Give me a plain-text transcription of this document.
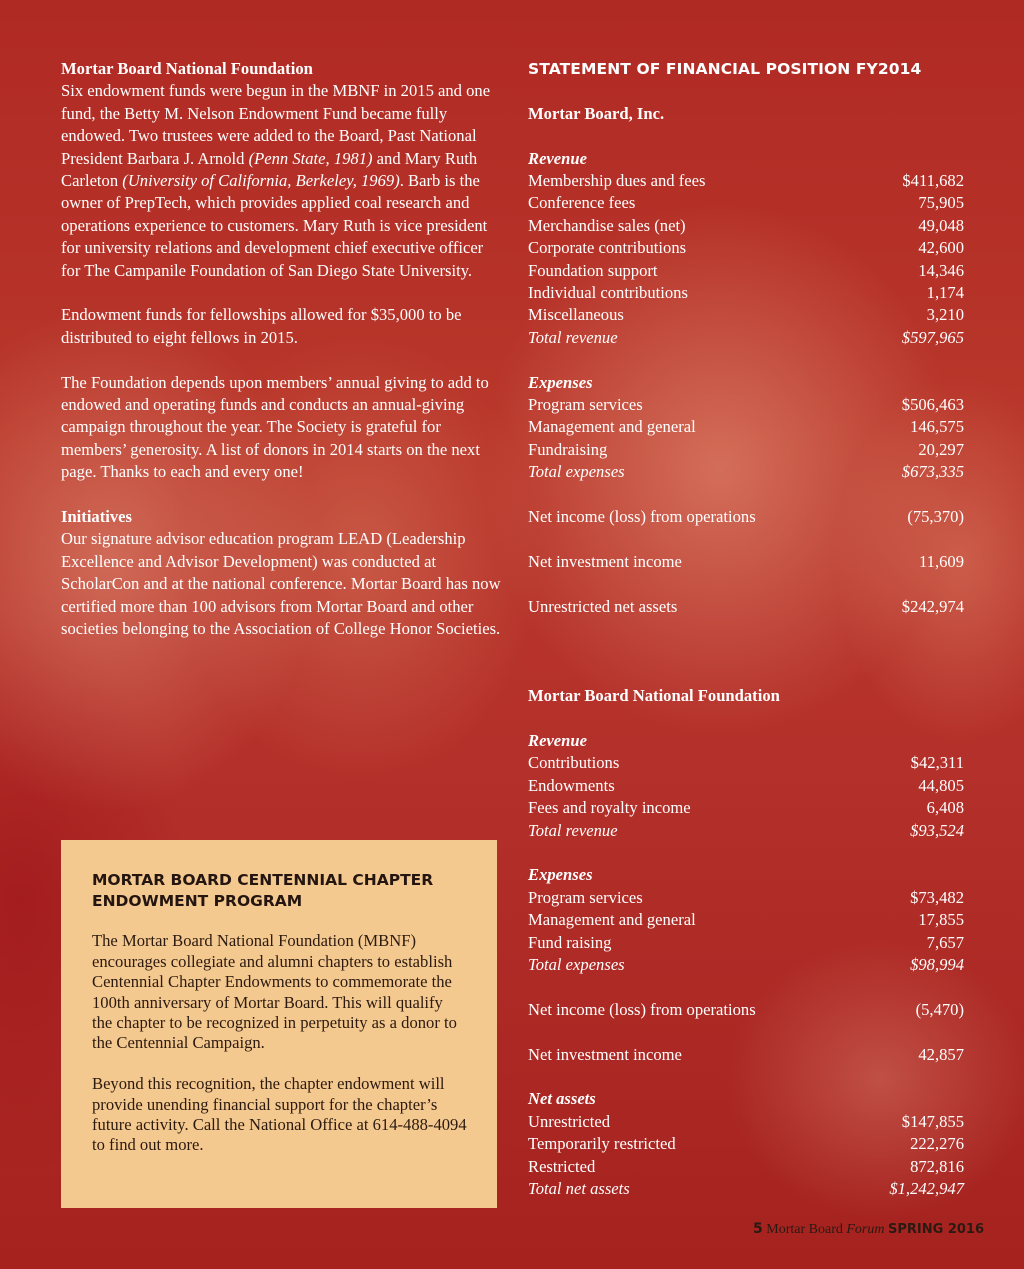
Mortar Board National Foundation

Six endowment funds were begun in the MBNF in 2015 and one fund, the Betty M. Nelson Endowment Fund became fully endowed. Two trustees were added to the Board, Past National President Barbara J. Arnold (Penn State, 1981) and Mary Ruth Carleton (University of California, Berkeley, 1969). Barb is the owner of PrepTech, which provides applied coal research and operations experience to customers. Mary Ruth is vice president for university relations and development chief executive officer for The Campanile Foundation of San Diego State University.

Endowment funds for fellowships allowed for $35,000 to be distributed to eight fellows in 2015.

The Foundation depends upon members’ annual giving to add to endowed and operating funds and conducts an annual-giving campaign throughout the year. The Society is grateful for members’ generosity. A list of donors in 2014 starts on the next page. Thanks to each and every one!

Initiatives

Our signature advisor education program LEAD (Leadership Excellence and Advisor Development) was conducted at ScholarCon and at the national conference. Mortar Board has now certified more than 100 advisors from Mortar Board and other societies belonging to the Association of College Honor Societies.

MORTAR BOARD CENTENNIAL CHAPTER

ENDOWMENT PROGRAM

The Mortar Board National Foundation (MBNF) encourages collegiate and alumni chapters to establish Centennial Chapter Endowments to commemorate the 100th anniversary of Mortar Board. This will qualify the chapter to be recognized in perpetuity as a donor to the Centennial Campaign.

Beyond this recognition, the chapter endowment will provide unending financial support for the chapter’s future activity. Call the National Office at 614-488-4094 to find out more.

STATEMENT OF FINANCIAL POSITION FY2014

Mortar Board, Inc.
Revenue
Membership dues and fees	$411,682
Conference fees	75,905
Merchandise sales (net)	49,048
Corporate contributions	42,600
Foundation support	14,346
Individual contributions	1,174
Miscellaneous	3,210
Total revenue	$597,965
Expenses
Program services	$506,463
Management and general	146,575
Fundraising	20,297
Total expenses	$673,335
Net income (loss) from operations	(75,370)
Net investment income	11,609
Unrestricted net assets	$242,974
Mortar Board National Foundation
Revenue
Contributions	$42,311
Endowments	44,805
Fees and royalty income	6,408
Total revenue	$93,524
Expenses
Program services	$73,482
Management and general	17,855
Fund raising	7,657
Total expenses	$98,994
Net income (loss) from operations	(5,470)
Net investment income	42,857
Net assets
Unrestricted	$147,855
Temporarily restricted	222,276
Restricted	872,816
Total net assets	$1,242,947
5 Mortar Board Forum SPRING 2016
